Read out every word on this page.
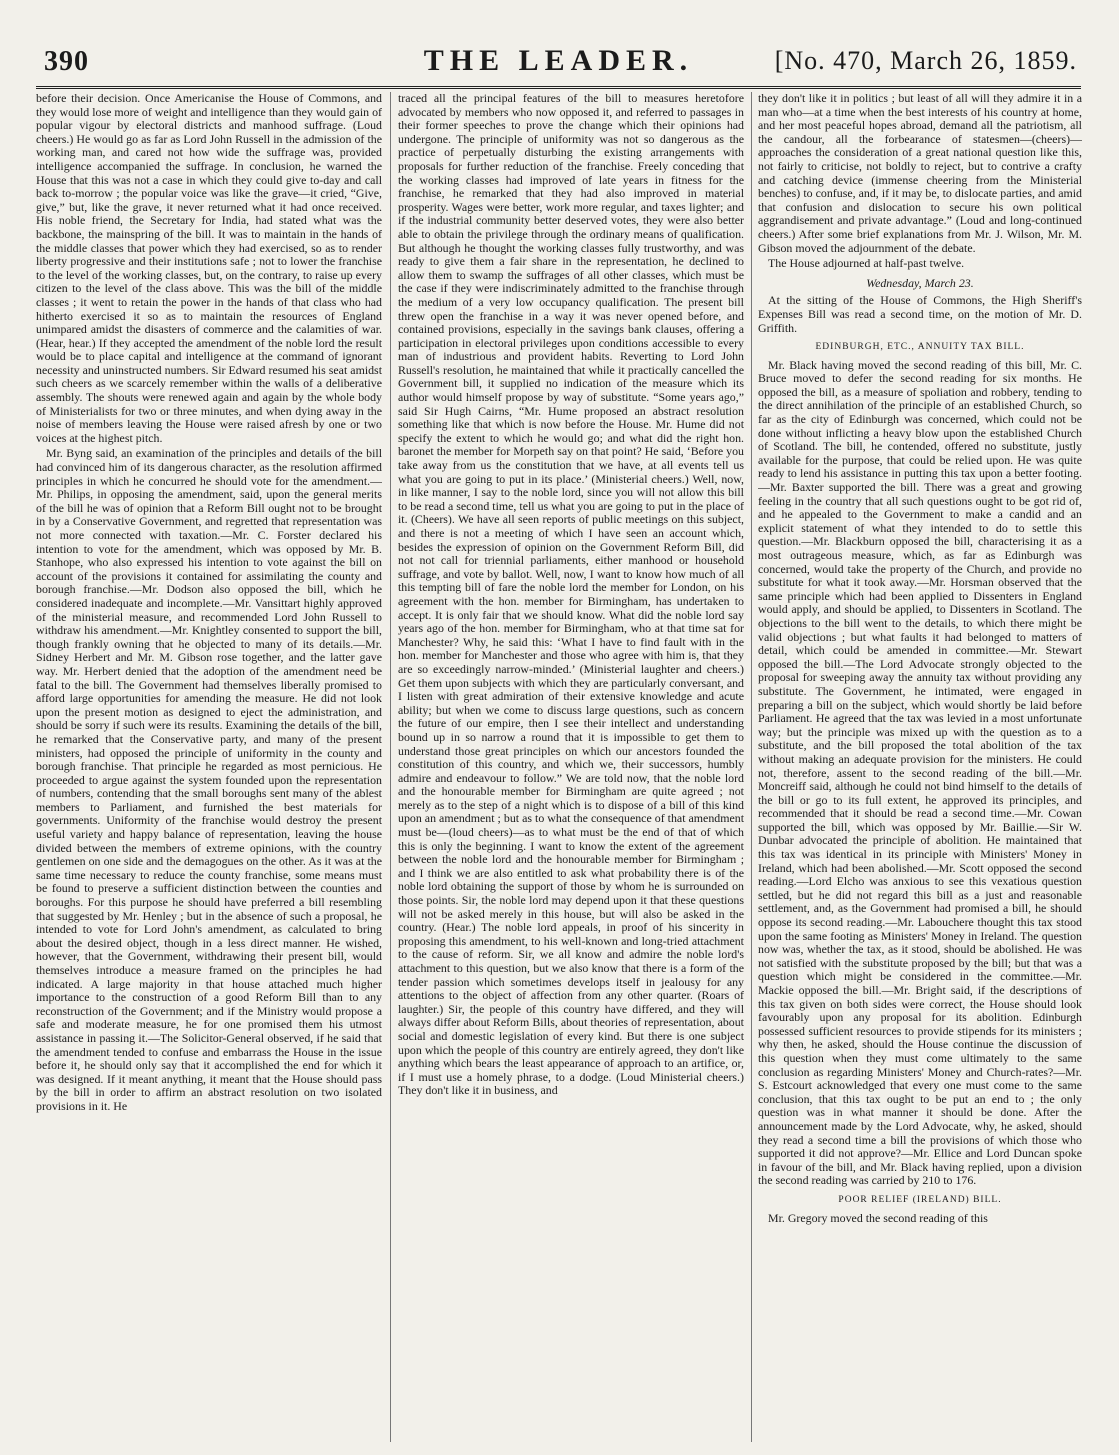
390	THE LEADER.	[No. 470, March 26, 1859.

before their decision. Once Americanise the House of Commons, and they would lose more of weight and intelligence than they would gain of popular vigour by electoral districts and manhood suffrage. (Loud cheers.) He would go as far as Lord John Russell in the admission of the working man, and cared not how wide the suffrage was, provided intelligence accompanied the suffrage. In conclusion, he warned the House that this was not a case in which they could give to-day and call back to-morrow ; the popular voice was like the grave—it cried, “Give, give,” but, like the grave, it never returned what it had once received. His noble friend, the Secretary for India, had stated what was the backbone, the mainspring of the bill. It was to maintain in the hands of the middle classes that power which they had exercised, so as to render liberty progressive and their institutions safe ; not to lower the franchise to the level of the working classes, but, on the contrary, to raise up every citizen to the level of the class above. This was the bill of the middle classes ; it went to retain the power in the hands of that class who had hitherto exercised it so as to maintain the resources of England unimpared amidst the disasters of commerce and the calamities of war. (Hear, hear.) If they accepted the amendment of the noble lord the result would be to place capital and intelligence at the command of ignorant necessity and uninstructed numbers. Sir Edward resumed his seat amidst such cheers as we scarcely remember within the walls of a deliberative assembly. The shouts were renewed again and again by the whole body of Ministerialists for two or three minutes, and when dying away in the noise of members leaving the House were raised afresh by one or two voices at the highest pitch.

Mr. Byng said, an examination of the principles and details of the bill had convinced him of its dangerous character, as the resolution affirmed principles in which he concurred he should vote for the amendment.—Mr. Philips, in opposing the amendment, said, upon the general merits of the bill he was of opinion that a Reform Bill ought not to be brought in by a Conservative Government, and regretted that representation was not more connected with taxation.—Mr. C. Forster declared his intention to vote for the amendment, which was opposed by Mr. B. Stanhope, who also expressed his intention to vote against the bill on account of the provisions it contained for assimilating the county and borough franchise.—Mr. Dodson also opposed the bill, which he considered inadequate and incomplete.—Mr. Vansittart highly approved of the ministerial measure, and recommended Lord John Russell to withdraw his amendment.—Mr. Knightley consented to support the bill, though frankly owning that he objected to many of its details.—Mr. Sidney Herbert and Mr. M. Gibson rose together, and the latter gave way. Mr. Herbert denied that the adoption of the amendment need be fatal to the bill. The Government had themselves liberally promised to afford large opportunities for amending the measure. He did not look upon the present motion as designed to eject the administration, and should be sorry if such were its results. Examining the details of the bill, he remarked that the Conservative party, and many of the present ministers, had opposed the principle of uniformity in the county and borough franchise. That principle he regarded as most pernicious. He proceeded to argue against the system founded upon the representation of numbers, contending that the small boroughs sent many of the ablest members to Parliament, and furnished the best materials for governments. Uniformity of the franchise would destroy the present useful variety and happy balance of representation, leaving the house divided between the members of extreme opinions, with the country gentlemen on one side and the demagogues on the other. As it was at the same time necessary to reduce the county franchise, some means must be found to preserve a sufficient distinction between the counties and boroughs. For this purpose he should have preferred a bill resembling that suggested by Mr. Henley ; but in the absence of such a proposal, he intended to vote for Lord John's amendment, as calculated to bring about the desired object, though in a less direct manner. He wished, however, that the Government, withdrawing their present bill, would themselves introduce a measure framed on the principles he had indicated. A large majority in that house attached much higher importance to the construction of a good Reform Bill than to any reconstruction of the Government; and if the Ministry would propose a safe and moderate measure, he for one promised them his utmost assistance in passing it.—The Solicitor-General observed, if he said that the amendment tended to confuse and embarrass the House in the issue before it, he should only say that it accomplished the end for which it was designed. If it meant anything, it meant that the House should pass by the bill in order to affirm an abstract resolution on two isolated provisions in it. He

traced all the principal features of the bill to measures heretofore advocated by members who now opposed it, and referred to passages in their former speeches to prove the change which their opinions had undergone. The principle of uniformity was not so dangerous as the practice of perpetually disturbing the existing arrangements with proposals for further reduction of the franchise. Freely conceding that the working classes had improved of late years in fitness for the franchise, he remarked that they had also improved in material prosperity. Wages were better, work more regular, and taxes lighter; and if the industrial community better deserved votes, they were also better able to obtain the privilege through the ordinary means of qualification. But although he thought the working classes fully trustworthy, and was ready to give them a fair share in the representation, he declined to allow them to swamp the suffrages of all other classes, which must be the case if they were indiscriminately admitted to the franchise through the medium of a very low occupancy qualification. The present bill threw open the franchise in a way it was never opened before, and contained provisions, especially in the savings bank clauses, offering a participation in electoral privileges upon conditions accessible to every man of industrious and provident habits. Reverting to Lord John Russell's resolution, he maintained that while it practically cancelled the Government bill, it supplied no indication of the measure which its author would himself propose by way of substitute. “Some years ago,” said Sir Hugh Cairns, “Mr. Hume proposed an abstract resolution something like that which is now before the House. Mr. Hume did not specify the extent to which he would go; and what did the right hon. baronet the member for Morpeth say on that point? He said, ‘Before you take away from us the constitution that we have, at all events tell us what you are going to put in its place.’ (Ministerial cheers.) Well, now, in like manner, I say to the noble lord, since you will not allow this bill to be read a second time, tell us what you are going to put in the place of it. (Cheers). We have all seen reports of public meetings on this subject, and there is not a meeting of which I have seen an account which, besides the expression of opinion on the Government Reform Bill, did not not call for triennial parliaments, either manhood or household suffrage, and vote by ballot. Well, now, I want to know how much of all this tempting bill of fare the noble lord the member for London, on his agreement with the hon. member for Birmingham, has undertaken to accept. It is only fair that we should know. What did the noble lord say years ago of the hon. member for Birmingham, who at that time sat for Manchester? Why, he said this: ‘What I have to find fault with in the hon. member for Manchester and those who agree with him is, that they are so exceedingly narrow-minded.’ (Ministerial laughter and cheers.) Get them upon subjects with which they are particularly conversant, and I listen with great admiration of their extensive knowledge and acute ability; but when we come to discuss large questions, such as concern the future of our empire, then I see their intellect and understanding bound up in so narrow a round that it is impossible to get them to understand those great principles on which our ancestors founded the constitution of this country, and which we, their successors, humbly admire and endeavour to follow.” We are told now, that the noble lord and the honourable member for Birmingham are quite agreed ; not merely as to the step of a night which is to dispose of a bill of this kind upon an amendment ; but as to what the consequence of that amendment must be—(loud cheers)—as to what must be the end of that of which this is only the beginning. I want to know the extent of the agreement between the noble lord and the honourable member for Birmingham ; and I think we are also entitled to ask what probability there is of the noble lord obtaining the support of those by whom he is surrounded on those points. Sir, the noble lord may depend upon it that these questions will not be asked merely in this house, but will also be asked in the country. (Hear.) The noble lord appeals, in proof of his sincerity in proposing this amendment, to his well-known and long-tried attachment to the cause of reform. Sir, we all know and admire the noble lord's attachment to this question, but we also know that there is a form of the tender passion which sometimes develops itself in jealousy for any attentions to the object of affection from any other quarter. (Roars of laughter.) Sir, the people of this country have differed, and they will always differ about Reform Bills, about theories of representation, about social and domestic legislation of every kind. But there is one subject upon which the people of this country are entirely agreed, they don't like anything which bears the least appearance of approach to an artifice, or, if I must use a homely phrase, to a dodge. (Loud Ministerial cheers.) They don't like it in business, and

they don't like it in politics ; but least of all will they admire it in a man who—at a time when the best interests of his country at home, and her most peaceful hopes abroad, demand all the patriotism, all the candour, all the forbearance of statesmen—(cheers)—approaches the consideration of a great national question like this, not fairly to criticise, not boldly to reject, but to contrive a crafty and catching device (immense cheering from the Ministerial benches) to confuse, and, if it may be, to dislocate parties, and amid that confusion and dislocation to secure his own political aggrandisement and private advantage.” (Loud and long-continued cheers.) After some brief explanations from Mr. J. Wilson, Mr. M. Gibson moved the adjournment of the debate.

The House adjourned at half-past twelve.

Wednesday, March 23.

At the sitting of the House of Commons, the High Sheriff's Expenses Bill was read a second time, on the motion of Mr. D. Griffith.

EDINBURGH, ETC., ANNUITY TAX BILL.

Mr. Black having moved the second reading of this bill, Mr. C. Bruce moved to defer the second reading for six months. He opposed the bill, as a measure of spoliation and robbery, tending to the direct annihilation of the principle of an established Church, so far as the city of Edinburgh was concerned, which could not be done without inflicting a heavy blow upon the established Church of Scotland. The bill, he contended, offered no substitute, justly available for the purpose, that could be relied upon. He was quite ready to lend his assistance in putting this tax upon a better footing.—Mr. Baxter supported the bill. There was a great and growing feeling in the country that all such questions ought to be got rid of, and he appealed to the Government to make a candid and an explicit statement of what they intended to do to settle this question.—Mr. Blackburn opposed the bill, characterising it as a most outrageous measure, which, as far as Edinburgh was concerned, would take the property of the Church, and provide no substitute for what it took away.—Mr. Horsman observed that the same principle which had been applied to Dissenters in England would apply, and should be applied, to Dissenters in Scotland. The objections to the bill went to the details, to which there might be valid objections ; but what faults it had belonged to matters of detail, which could be amended in committee.—Mr. Stewart opposed the bill.—The Lord Advocate strongly objected to the proposal for sweeping away the annuity tax without providing any substitute. The Government, he intimated, were engaged in preparing a bill on the subject, which would shortly be laid before Parliament. He agreed that the tax was levied in a most unfortunate way; but the principle was mixed up with the question as to a substitute, and the bill proposed the total abolition of the tax without making an adequate provision for the ministers. He could not, therefore, assent to the second reading of the bill.—Mr. Moncreiff said, although he could not bind himself to the details of the bill or go to its full extent, he approved its principles, and recommended that it should be read a second time.—Mr. Cowan supported the bill, which was opposed by Mr. Baillie.—Sir W. Dunbar advocated the principle of abolition. He maintained that this tax was identical in its principle with Ministers' Money in Ireland, which had been abolished.—Mr. Scott opposed the second reading.—Lord Elcho was anxious to see this vexatious question settled, but he did not regard this bill as a just and reasonable settlement, and, as the Government had promised a bill, he should oppose its second reading.—Mr. Labouchere thought this tax stood upon the same footing as Ministers' Money in Ireland. The question now was, whether the tax, as it stood, should be abolished. He was not satisfied with the substitute proposed by the bill; but that was a question which might be considered in the committee.—Mr. Mackie opposed the bill.—Mr. Bright said, if the descriptions of this tax given on both sides were correct, the House should look favourably upon any proposal for its abolition. Edinburgh possessed sufficient resources to provide stipends for its ministers ; why then, he asked, should the House continue the discussion of this question when they must come ultimately to the same conclusion as regarding Ministers' Money and Church-rates?—Mr. S. Estcourt acknowledged that every one must come to the same conclusion, that this tax ought to be put an end to ; the only question was in what manner it should be done. After the announcement made by the Lord Advocate, why, he asked, should they read a second time a bill the provisions of which those who supported it did not approve?—Mr. Ellice and Lord Duncan spoke in favour of the bill, and Mr. Black having replied, upon a division the second reading was carried by 210 to 176.

POOR RELIEF (IRELAND) BILL.

Mr. Gregory moved the second reading of this
